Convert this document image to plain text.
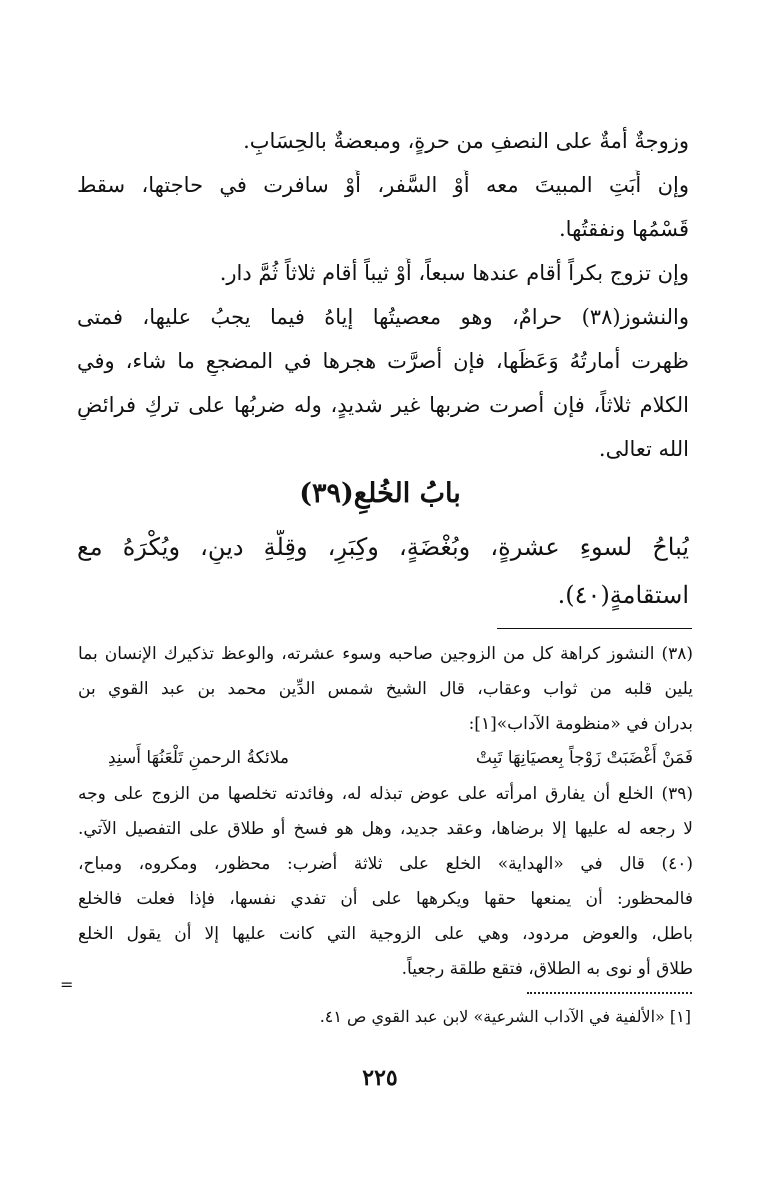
وزوجةٌ أمةٌ على النصفِ من حرةٍ، ومبعضةٌ بالحِسَابِ.
وإن أَبَتِ المبيتَ معه أَوْ السَّفر، أَوْ سافرت في حاجتها، سقط
قَسْمُها ونفقتُها.
وإن تزوج بكراً أقام عندها سبعاً، أَوْ ثيباً أقام ثلاثاً ثُمَّ دار.
والنشوز(٣٨) حرامٌ، وهو معصيتُها إياهُ فيما يجبُ عليها، فمتى
ظهرت أمارتُهُ وَعَظَها، فإن أصرَّت هجرها في المضجعِ ما شاء، وفي
الكلام ثلاثاً، فإن أصرت ضربها غير شديدٍ، وله ضربُها على تركِ فرائضِ
الله تعالى.
بابُ الخُلعِ(٣٩)
يُباحُ لسوءِ عشرةٍ، وبُغْضَةٍ، وكِبَرٍ، وقِلَّةِ دينٍ، ويُكْرَهُ مع
استقامةٍ(٤٠).
(٣٨) النشوز كراهة كل من الزوجين صاحبه وسوء عشرته، والوعظ تذكيرك الإنسان بما
يلين قلبه من ثواب وعقاب، قال الشيخ شمس الدِّين محمد بن عبد القوي بن
بدران في «منظومة الآداب»[١]:
فَمَنْ أَغْضَبَتْ زَوْجاً بِعصيَانِهَا تَبِتْ
ملائكةُ الرحمنِ تَلْعَنُهَا أَسنِدِ
(٣٩) الخلع أن يفارق امرأته على عوض تبذله له، وفائدته تخلصها من الزوج على وجه
لا رجعه له عليها إلا برضاها، وعقد جديد، وهل هو فسخ أو طلاق على التفصيل الآتي.
(٤٠) قال في «الهداية» الخلع على ثلاثة أضرب: محظور، ومكروه، ومباح،
فالمحظور: أن يمنعها حقها ويكرهها على أن تفدي نفسها، فإذا فعلت فالخلع
باطل، والعوض مردود، وهي على الزوجية التي كانت عليها إلا أن يقول الخلع
طلاق أو نوى به الطلاق، فتقع طلقة رجعياً.
=
[١] «الألفية في الآداب الشرعية» لابن عبد القوي ص ٤١.
٢٢٥
